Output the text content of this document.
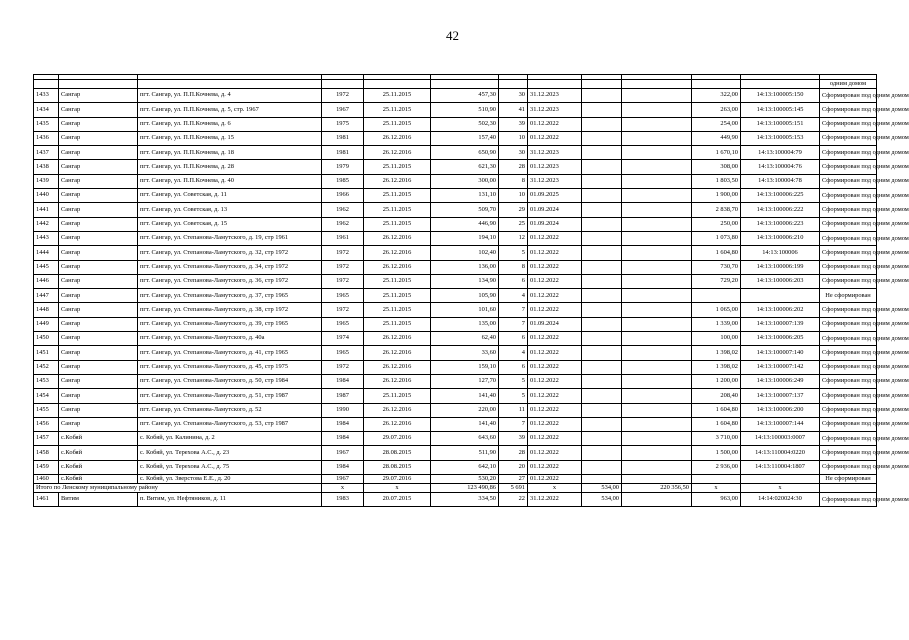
42

												одним домом
1433	Сангар	пгт. Сангар, ул. П.П.Кочнева, д. 4	1972	25.11.2015	457,30	30	31.12.2023			322,00	14:13:100005:150	Сформирован под одним домом
1434	Сангар	пгт. Сангар, ул. П.П.Кочнева, д. 5, стр. 1967	1967	25.11.2015	510,90	41	31.12.2023			263,00	14:13:100005:145	Сформирован под одним домом
1435	Сангар	пгт. Сангар, ул. П.П.Кочнева, д. 6	1975	25.11.2015	502,30	39	01.12.2022			254,00	14:13:100005:151	Сформирован под одним домом
1436	Сангар	пгт. Сангар, ул. П.П.Кочнева, д. 15	1981	26.12.2016	157,40	10	01.12.2022			449,90	14:13:100005:153	Сформирован под одним домом
1437	Сангар	пгт. Сангар, ул. П.П.Кочнева, д. 18	1981	26.12.2016	650,90	30	31.12.2023			1 670,10	14:13:100004:79	Сформирован под одним домом
1438	Сангар	пгт. Сангар, ул. П.П.Кочнева, д. 28	1979	25.11.2015	621,30	28	01.12.2023			308,00	14:13:100004:76	Сформирован под одним домом
1439	Сангар	пгт. Сангар, ул. П.П.Кочнева, д. 40	1985	26.12.2016	300,00	8	31.12.2023			1 803,50	14:13:100004:78	Сформирован под одним домом
1440	Сангар	пгт. Сангар, ул. Советская, д. 11	1966	25.11.2015	131,10	10	01.09.2025			1 900,00	14:13:100006:225	Сформирован под одним домом
1441	Сангар	пгт. Сангар, ул. Советская, д. 13	1962	25.11.2015	509,70	29	01.09.2024			2 838,70	14:13:100006:222	Сформирован под одним домом
1442	Сангар	пгт. Сангар, ул. Советская, д. 15	1962	25.11.2015	446,90	25	01.09.2024			250,00	14:13:100006:223	Сформирован под одним домом
1443	Сангар	пгт. Сангар, ул. Степанова-Ламутского, д. 19, стр 1961	1961	26.12.2016	194,10	12	01.12.2022			1 073,80	14:13:100006:210	Сформирован под одним домом
1444	Сангар	пгт. Сангар, ул. Степанова-Ламутского, д. 32, стр 1972	1972	26.12.2016	102,40	5	01.12.2022			1 604,80	14:13:100006	Сформирован под одним домом
1445	Сангар	пгт. Сангар, ул. Степанова-Ламутского, д. 34, стр 1972	1972	26.12.2016	136,00	8	01.12.2022			730,70	14:13:100006:199	Сформирован под одним домом
1446	Сангар	пгт. Сангар, ул. Степанова-Ламутского, д. 36, стр 1972	1972	25.11.2015	134,90	6	01.12.2022			729,20	14:13:100006:203	Сформирован под одним домом
1447	Сангар	пгт. Сангар, ул. Степанова-Ламутского, д. 37, стр 1965	1965	25.11.2015	105,90	4	01.12.2022					Не сформирован
1448	Сангар	пгт. Сангар, ул. Степанова-Ламутского, д. 38, стр 1972	1972	25.11.2015	101,60	7	01.12.2022			1 065,00	14:13:100006:202	Сформирован под одним домом
1449	Сангар	пгт. Сангар, ул. Степанова-Ламутского, д. 39, стр 1965	1965	25.11.2015	135,00	7	01.09.2024			1 339,00	14:13:100007:139	Сформирован под одним домом
1450	Сангар	пгт. Сангар, ул. Степанова-Ламутского, д. 40а	1974	26.12.2016	62,40	6	01.12.2022			100,00	14:13:100006:205	Сформирован под одним домом
1451	Сангар	пгт. Сангар, ул. Степанова-Ламутского, д. 41, стр 1965	1965	26.12.2016	33,60	4	01.12.2022			1 398,02	14:13:100007:140	Сформирован под одним домом
1452	Сангар	пгт. Сангар, ул. Степанова-Ламутского, д. 45, стр 1975	1972	26.12.2016	159,10	6	01.12.2022			1 398,02	14:13:100007:142	Сформирован под одним домом
1453	Сангар	пгт. Сангар, ул. Степанова-Ламутского, д. 50, стр 1984	1984	26.12.2016	127,70	5	01.12.2022			1 200,00	14:13:100006:249	Сформирован под одним домом
1454	Сангар	пгт. Сангар, ул. Степанова-Ламутского, д. 51, стр 1987	1987	25.11.2015	141,40	5	01.12.2022			208,40	14:13:100007:137	Сформирован под одним домом
1455	Сангар	пгт. Сангар, ул. Степанова-Ламутского, д. 52	1990	26.12.2016	220,00	11	01.12.2022			1 604,80	14:13:100006:200	Сформирован под одним домом
1456	Сангар	пгт. Сангар, ул. Степанова-Ламутского, д. 53, стр 1987	1984	26.12.2016	141,40	7	01.12.2022			1 604,80	14:13:100007:144	Сформирован под одним домом
1457	с.Кобяй	с. Кобяй, ул. Калинина, д. 2	1984	29.07.2016	643,60	39	01.12.2022			3 710,00	14:13:100003:0007	Сформирован под одним домом
1458	с.Кобяй	с. Кобяй, ул. Терехова А.С., д. 23	1967	28.08.2015	511,90	28	01.12.2022			1 500,00	14:13:110004:0220	Сформирован под одним домом
1459	с.Кобяй	с. Кобяй, ул. Терехова А.С., д. 75	1984	28.08.2015	642,10	20	01.12.2022			2 936,00	14:13:110004:1807	Сформирован под одним домом
1460	с.Кобяй	с. Кобяй, ул. Зверстова Е.Е., д. 20	1967	29.07.2016	530,20	27	01.12.2022					Не сформирован
Итого по Ленскому муниципальному району			х	х	123 490,86	5 691	х	534,00	220 356,50	х	х	
1461	Витим	п. Витим, ул. Нефтяников, д. 11	1983	20.07.2015	334,50	22	31.12.2022	534,00		963,00	14:14:020024:30	Сформирован под одним домом
